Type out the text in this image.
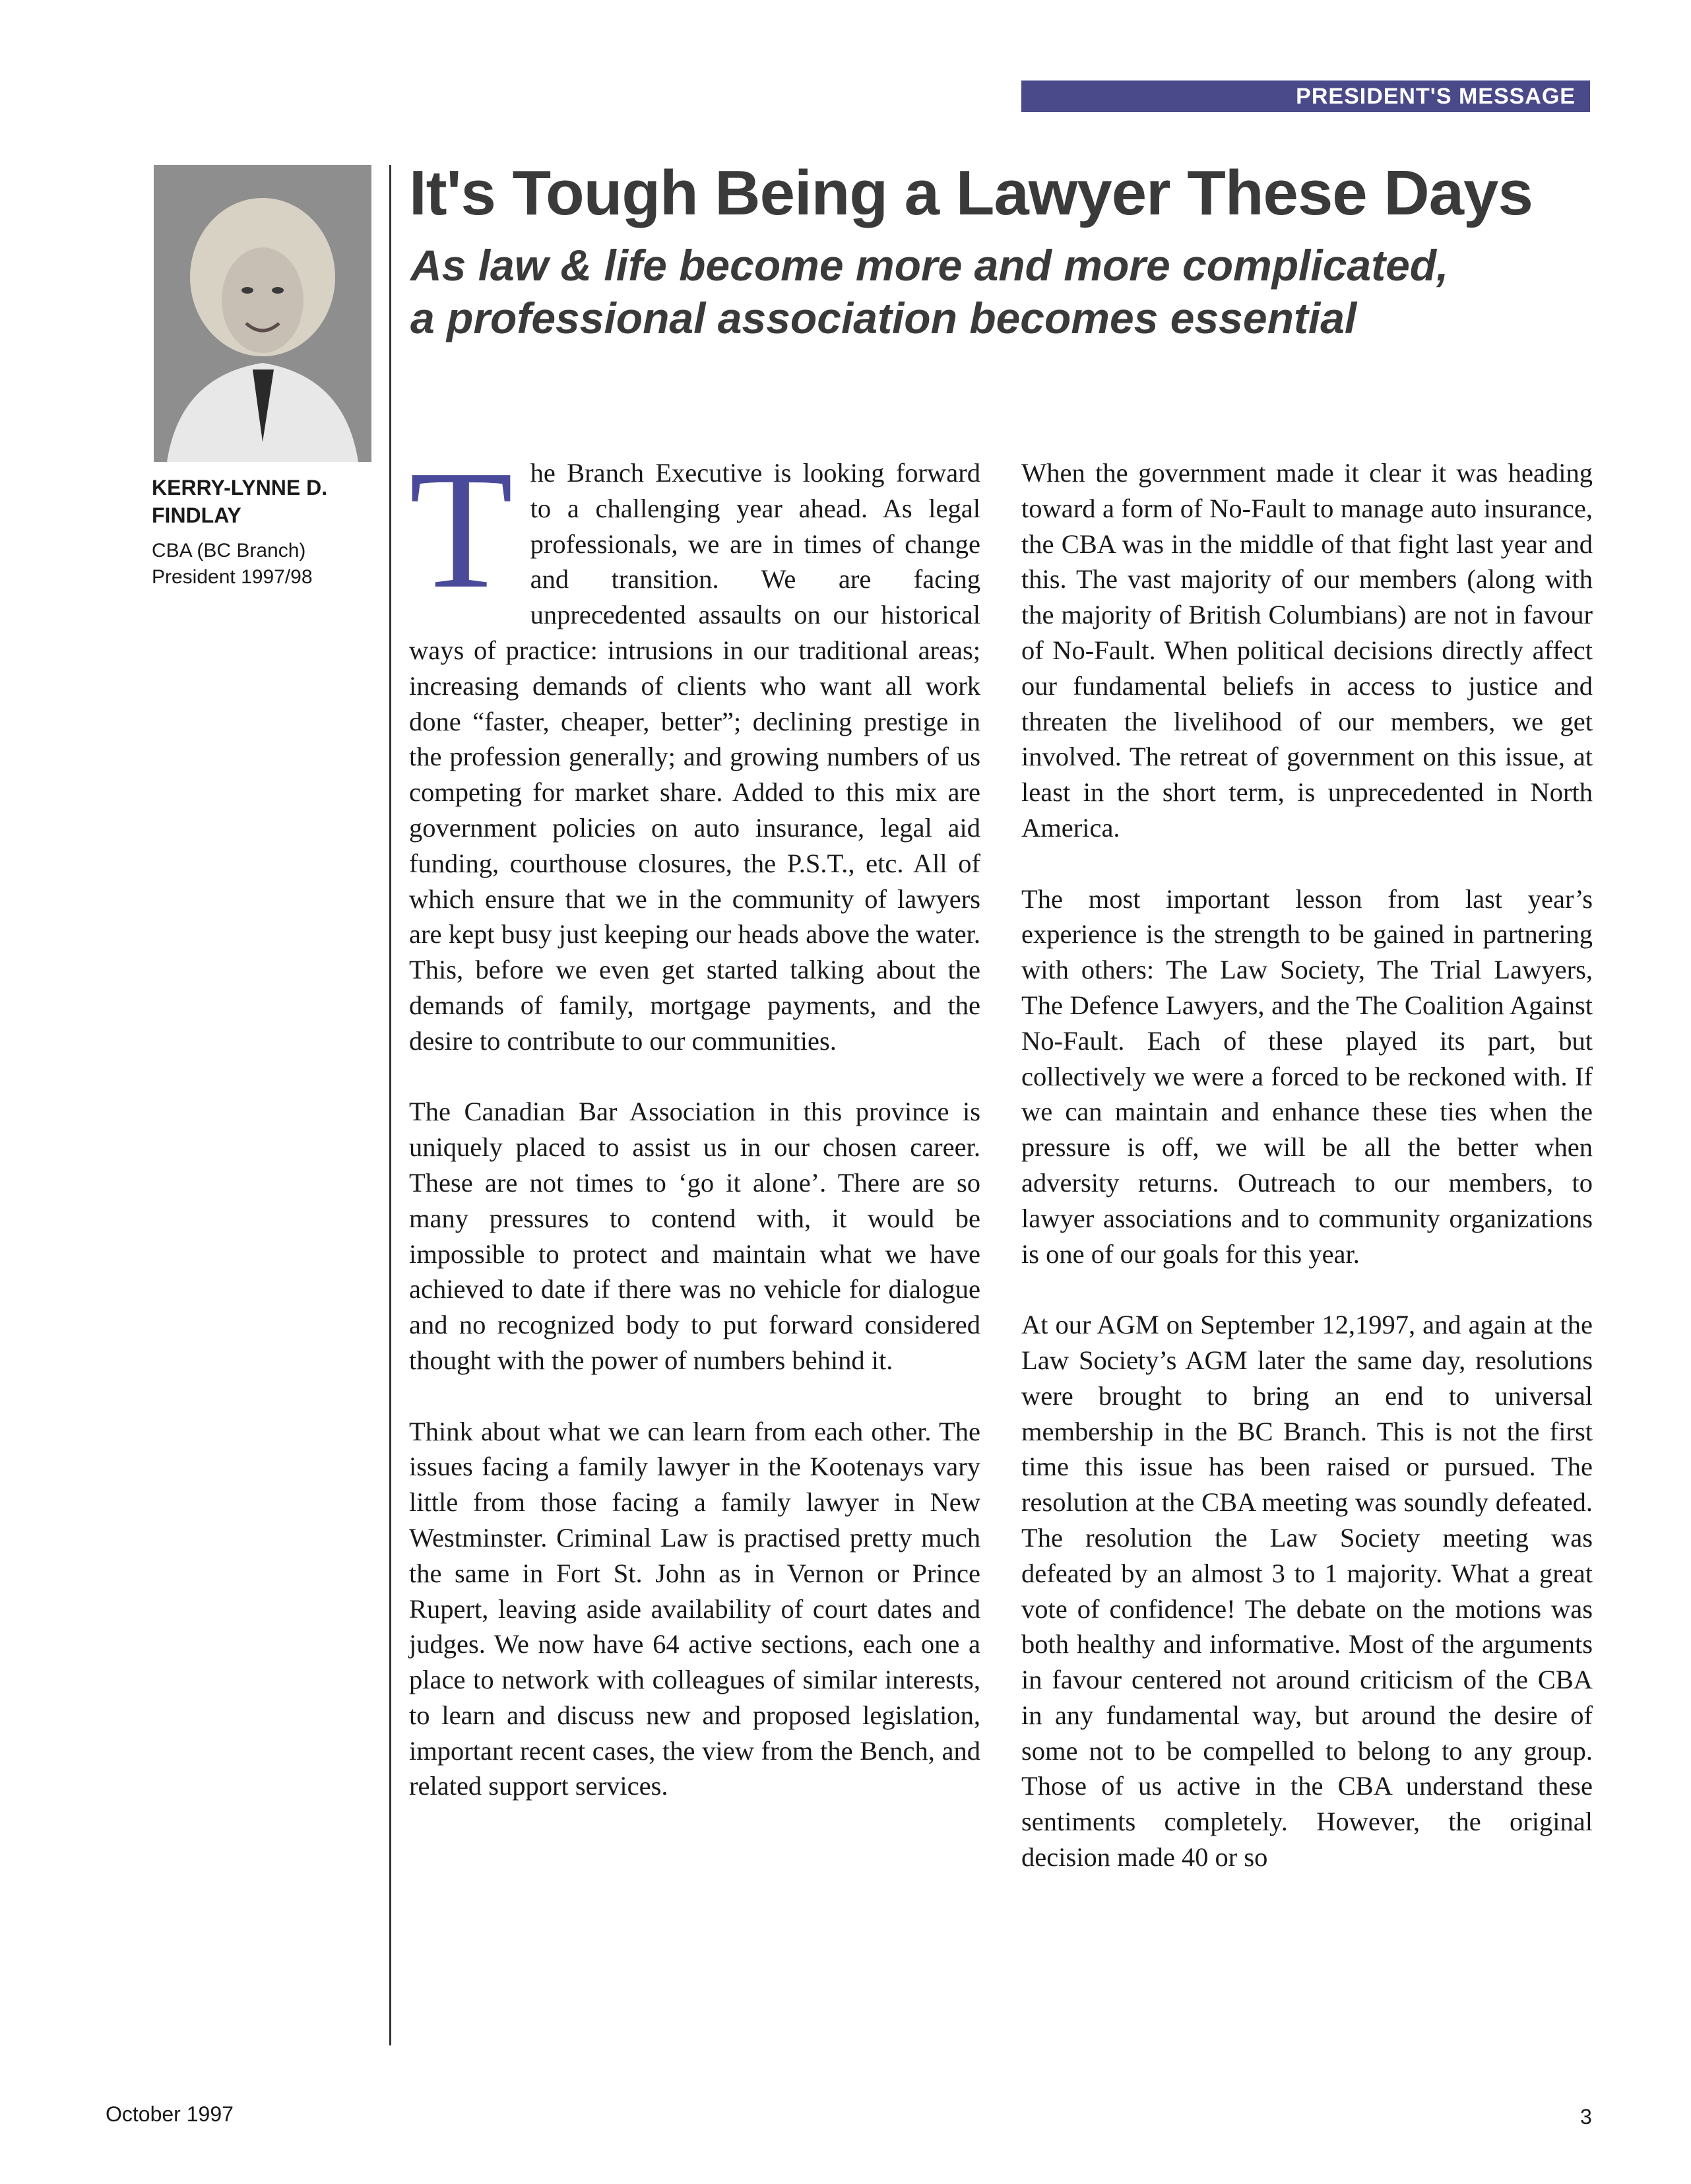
PRESIDENT'S MESSAGE
KERRY-LYNNE D.
FINDLAY
CBA (BC Branch)
President 1997/98
It's Tough Being a Lawyer These Days
As law & life become more and more complicated,
a professional association becomes essential

The Branch Executive is looking forward to a challenging year ahead. As legal professionals, we are in times of change and transition. We are facing unprecedented assaults on our historical ways of practice: intrusions in our traditional areas; increasing demands of clients who want all work done “faster, cheaper, better”; declining prestige in the profession generally; and growing numbers of us competing for market share. Added to this mix are government policies on auto insurance, legal aid funding, courthouse closures, the P.S.T., etc. All of which ensure that we in the community of lawyers are kept busy just keeping our heads above the water. This, before we even get started talking about the demands of family, mortgage payments, and the desire to contribute to our communities.

The Canadian Bar Association in this province is uniquely placed to assist us in our chosen career. These are not times to ‘go it alone’. There are so many pressures to contend with, it would be impossible to protect and maintain what we have achieved to date if there was no vehicle for dialogue and no recognized body to put forward considered thought with the power of numbers behind it.

Think about what we can learn from each other. The issues facing a family lawyer in the Kootenays vary little from those facing a family lawyer in New Westminster. Criminal Law is practised pretty much the same in Fort St. John as in Vernon or Prince Rupert, leaving aside availability of court dates and judges. We now have 64 active sections, each one a place to network with colleagues of similar interests, to learn and discuss new and proposed legislation, important recent cases, the view from the Bench, and related support services.

When the government made it clear it was heading toward a form of No-Fault to manage auto insurance, the CBA was in the middle of that fight last year and this. The vast majority of our members (along with the majority of British Columbians) are not in favour of No-Fault. When political decisions directly affect our fundamental beliefs in access to justice and threaten the livelihood of our members, we get involved. The retreat of government on this issue, at least in the short term, is unprecedented in North America.

The most important lesson from last year’s experience is the strength to be gained in partnering with others: The Law Society, The Trial Lawyers, The Defence Lawyers, and the The Coalition Against No-Fault. Each of these played its part, but collectively we were a forced to be reckoned with. If we can maintain and enhance these ties when the pressure is off, we will be all the better when adversity returns. Outreach to our members, to lawyer associations and to community organizations is one of our goals for this year.

At our AGM on September 12,1997, and again at the Law Society’s AGM later the same day, resolutions were brought to bring an end to universal membership in the BC Branch. This is not the first time this issue has been raised or pursued. The resolution at the CBA meeting was soundly defeated. The resolution the Law Society meeting was defeated by an almost 3 to 1 majority. What a great vote of confidence! The debate on the motions was both healthy and informative. Most of the arguments in favour centered not around criticism of the CBA in any fundamental way, but around the desire of some not to be compelled to belong to any group. Those of us active in the CBA understand these sentiments completely. However, the original decision made 40 or so

October 1997	3
